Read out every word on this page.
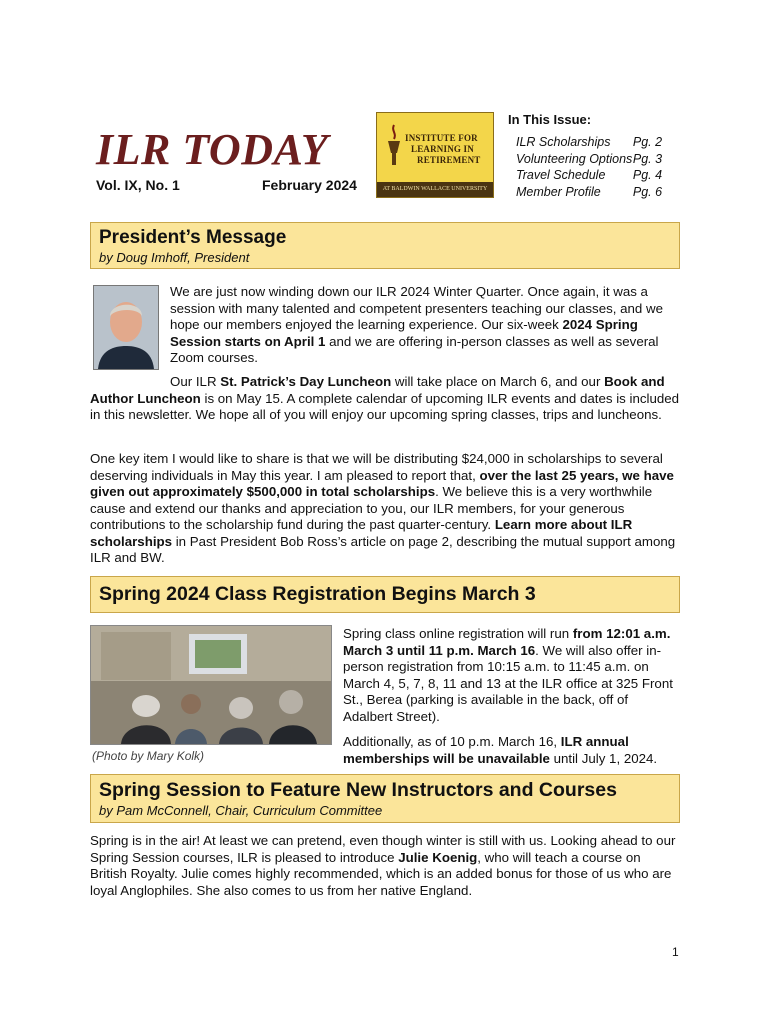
ILR TODAY
Vol. IX, No. 1	February 2024
INSTITUTE FOR
LEARNING IN
RETIREMENT
AT BALDWIN WALLACE UNIVERSITY
In This Issue:
ILR Scholarships	Pg. 2
Volunteering Options Pg. 3
Travel Schedule	Pg. 4
Member Profile	Pg. 6
President’s Message
by Doug Imhoff, President
We are just now winding down our ILR 2024 Winter Quarter. Once again, it was a session with many talented and competent presenters teaching our classes, and we hope our members enjoyed the learning experience. Our six-week 2024 Spring Session starts on April 1 and we are offering in-person classes as well as several Zoom courses.
Our ILR St. Patrick’s Day Luncheon will take place on March 6, and our Book and Author Luncheon is on May 15. A complete calendar of upcoming ILR events and dates is included in this newsletter. We hope all of you will enjoy our upcoming spring classes, trips and luncheons.
One key item I would like to share is that we will be distributing $24,000 in scholarships to several deserving individuals in May this year. I am pleased to report that, over the last 25 years, we have given out approximately $500,000 in total scholarships. We believe this is a very worthwhile cause and extend our thanks and appreciation to you, our ILR members, for your generous contributions to the scholarship fund during the past quarter-century. Learn more about ILR scholarships in Past President Bob Ross’s article on page 2, describing the mutual support among ILR and BW.
Spring 2024 Class Registration Begins March 3
(Photo by Mary Kolk)
Spring class online registration will run from 12:01 a.m. March 3 until 11 p.m. March 16. We will also offer in-person registration from 10:15 a.m. to 11:45 a.m. on March 4, 5, 7, 8, 11 and 13 at the ILR office at 325 Front St., Berea (parking is available in the back, off of Adalbert Street).
Additionally, as of 10 p.m. March 16, ILR annual memberships will be unavailable until July 1, 2024.
Spring Session to Feature New Instructors and Courses
by Pam McConnell, Chair, Curriculum Committee
Spring is in the air! At least we can pretend, even though winter is still with us. Looking ahead to our Spring Session courses, ILR is pleased to introduce Julie Koenig, who will teach a course on British Royalty. Julie comes highly recommended, which is an added bonus for those of us who are loyal Anglophiles. She also comes to us from her native England.
1
